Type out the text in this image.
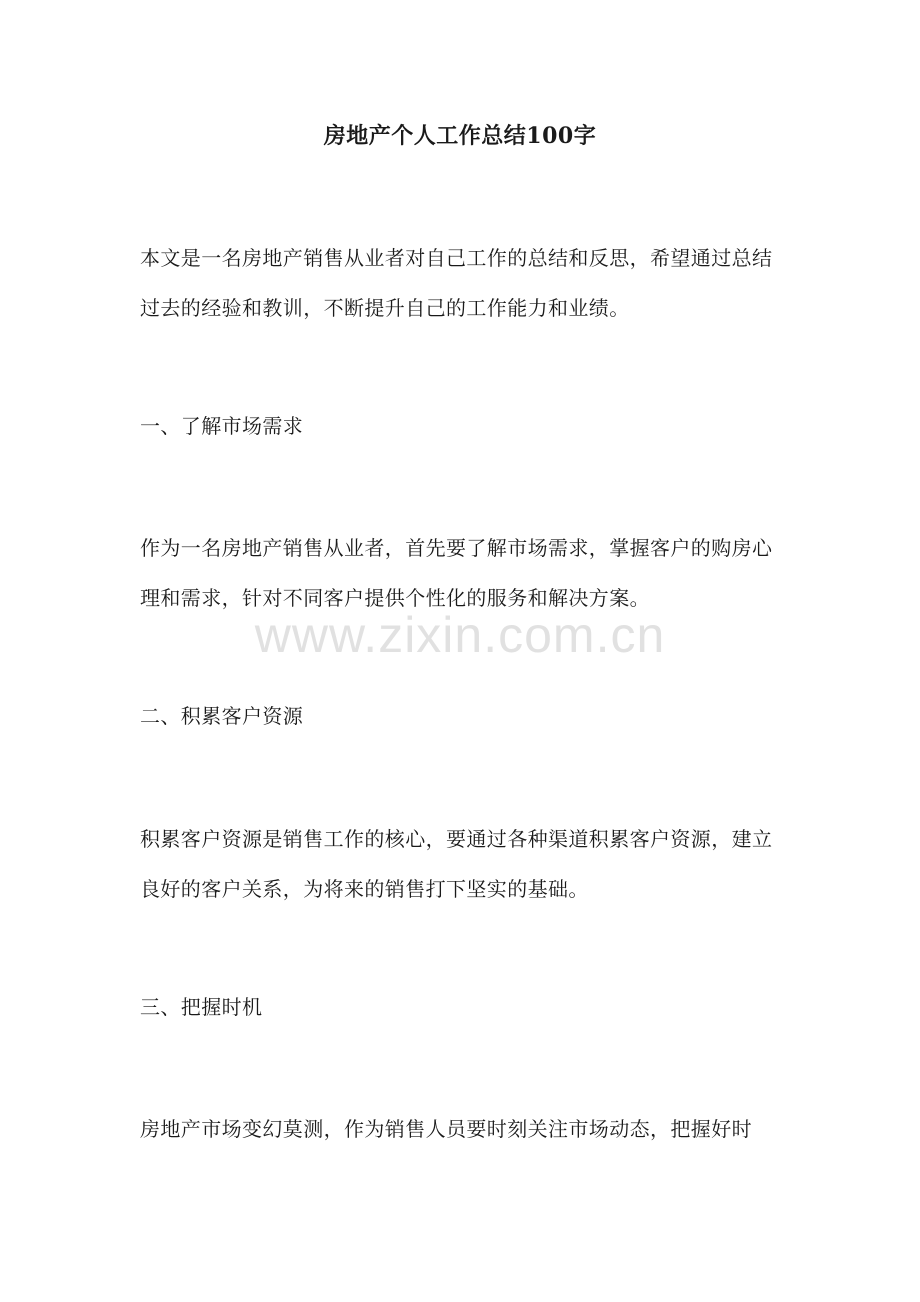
房地产个人工作总结100字

本文是一名房地产销售从业者对自己工作的总结和反思，希望通过总结过去的经验和教训，不断提升自己的工作能力和业绩。

一、了解市场需求

作为一名房地产销售从业者，首先要了解市场需求，掌握客户的购房心理和需求，针对不同客户提供个性化的服务和解决方案。

二、积累客户资源

积累客户资源是销售工作的核心，要通过各种渠道积累客户资源，建立良好的客户关系，为将来的销售打下坚实的基础。

三、把握时机

房地产市场变幻莫测，作为销售人员要时刻关注市场动态，把握好时

www.zixin.com.cn
